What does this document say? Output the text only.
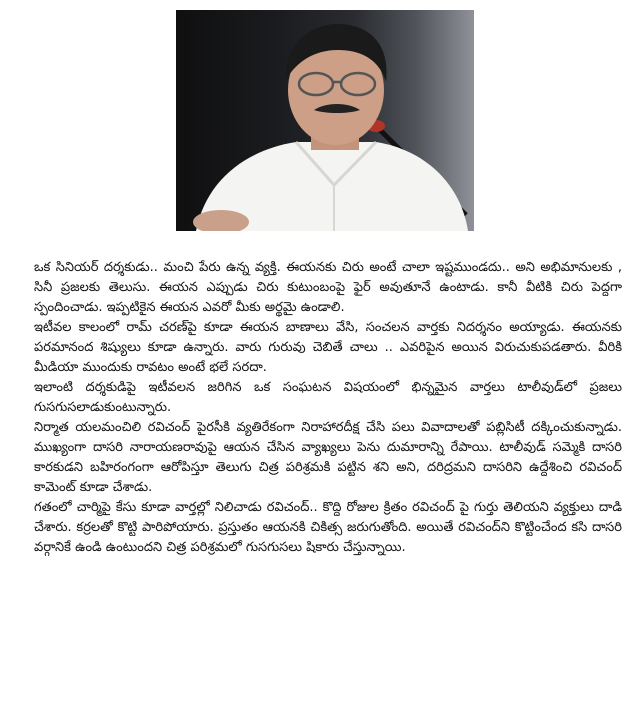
ఒక సినియర్ దర్శకుడు.. మంచి పేరు ఉన్న వ్యక్తి. ఈయనకు చిరు అంటే చాలా ఇష్టముండదు.. అని అభిమానులకు , సినీ ప్రజలకు తెలుసు. ఈయన ఎప్పుడు చిరు కుటుంబంపై ఫైర్ అవుతూనే ఉంటాడు. కానీ వీటికి చిరు పెద్దగా స్పందించాడు. ఇప్పటికైన ఈయన ఎవరో మీకు అర్థమై ఉండాలి.

ఇటీవల కాలంలో రామ్ చరణ్‌పై కూడా ఈయన బాణాలు వేసి, సంచలన వార్తకు నిదర్శనం అయ్యాడు. ఈయనకు పరమానంద శిష్యులు కూడా ఉన్నారు. వారు గురువు చెబితే చాలు .. ఎవరిపైన అయిన విరుచుకుపడతారు. వీరికి మీడియా ముందుకు రావటం అంటే భలే సరదా.

ఇలాంటి దర్శకుడిపై ఇటీవలన జరిగిన ఒక సంఘటన విషయంలో భిన్నమైన వార్తలు టాలీవుడ్‌లో ప్రజలు గుసగుసలాడుకుంటున్నారు.

నిర్మాత యలమంచిలి రవిచంద్ పైరసీకి వ్యతిరేకంగా నిరాహారదీక్ష చేసి పలు వివాదాలతో పబ్లిసిటీ దక్కించుకున్నాడు. ముఖ్యంగా దాసరి నారాయణరావుపై ఆయన చేసిన వ్యాఖ్యలు పెను దుమారాన్ని రేపాయి. టాలీవుడ్ సమ్మెకి దాసరి కారకుడని బహిరంగంగా ఆరోపిస్తూ తెలుగు చిత్ర పరిశ్రమకి పట్టిన శని అని, దరిద్రమని దాసరిని ఉద్దేశించి రవిచంద్ కామెంట్ కూడా చేశాడు.

గతంలో చార్మిపై కేసు కూడా వార్తల్లో నిలిచాడు రవిచంద్.. కొద్ది రోజుల క్రితం రవిచంద్ పై గుర్తు తెలియని వ్యక్తులు దాడి చేశారు. కర్రలతో కొట్టి పారిపోయారు. ప్రస్తుతం ఆయనకి చికిత్స జరుగుతోంది. అయితే రవిచంద్‌ని కొట్టించేంద కసి దాసరి వర్గానికే ఉండి ఉంటుందని చిత్ర పరిశ్రమలో గుసగుసలు షికారు చేస్తున్నాయి.
